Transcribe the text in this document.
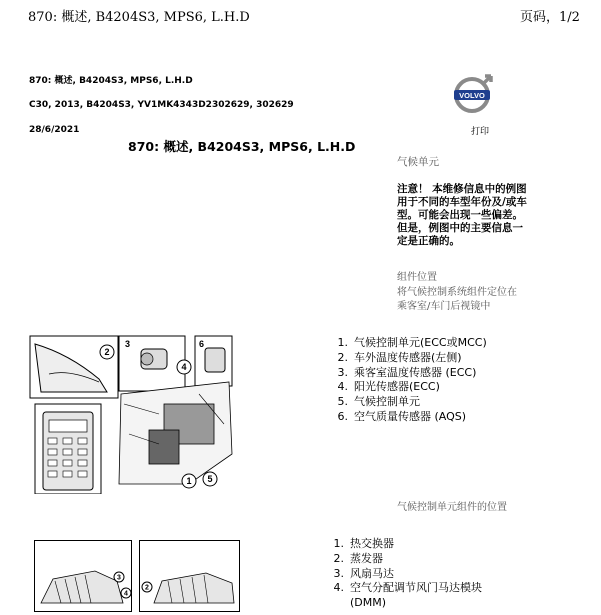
870: 概述, B4204S3, MPS6, L.H.D	页码，1/2
870: 概述, B4204S3, MPS6, L.H.D
C30, 2013, B4204S3, YV1MK4343D2302629, 302629
28/6/2021
VOLVO
打印
870: 概述, B4204S3, MPS6, L.H.D
气候单元
注意！ 本维修信息中的例图用于不同的车型年份及/或车型。可能会出现一些偏差。但是，例图中的主要信息一定是正确的。
组件位置
将气候控制系统组件定位在乘客室/车门后视镜中
2
3
4
6
1 5
1. 气候控制单元(ECC或MCC)
2. 车外温度传感器(左侧)
3. 乘客室温度传感器 (ECC)
4. 阳光传感器(ECC)
5. 气候控制单元
6. 空气质量传感器 (AQS)
气候控制单元组件的位置
3
4
2
1. 热交换器
2. 蒸发器
3. 风扇马达
4. 空气分配调节风门马达模块
(DMM)
